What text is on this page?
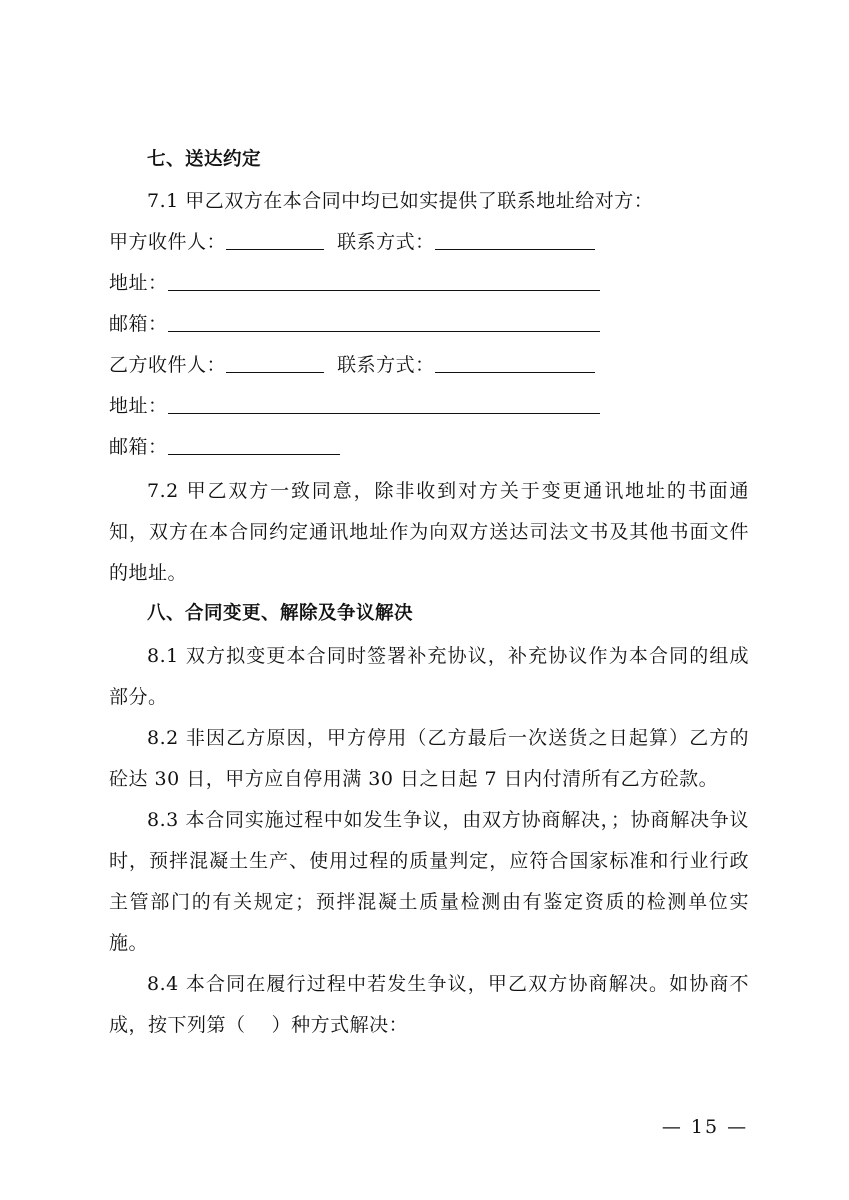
七、送达约定
7.1 甲乙双方在本合同中均已如实提供了联系地址给对方：
甲方收件人：	联系方式：
地址：
邮箱：
乙方收件人：	联系方式：
地址：
邮箱：
7.2 甲乙双方一致同意，除非收到对方关于变更通讯地址的书面通
知，双方在本合同约定通讯地址作为向双方送达司法文书及其他书面文件
的地址。
八、合同变更、解除及争议解决
8.1 双方拟变更本合同时签署补充协议，补充协议作为本合同的组成
部分。
8.2 非因乙方原因，甲方停用（乙方最后一次送货之日起算）乙方的
砼达 30 日，甲方应自停用满 30 日之日起 7 日内付清所有乙方砼款。
8.3 本合同实施过程中如发生争议，由双方协商解决，；协商解决争议
时，预拌混凝土生产、使用过程的质量判定，应符合国家标准和行业行政
主管部门的有关规定；预拌混凝土质量检测由有鉴定资质的检测单位实
施。
8.4 本合同在履行过程中若发生争议，甲乙双方协商解决。如协商不
成，按下列第（    ）种方式解决：
— 15 —
